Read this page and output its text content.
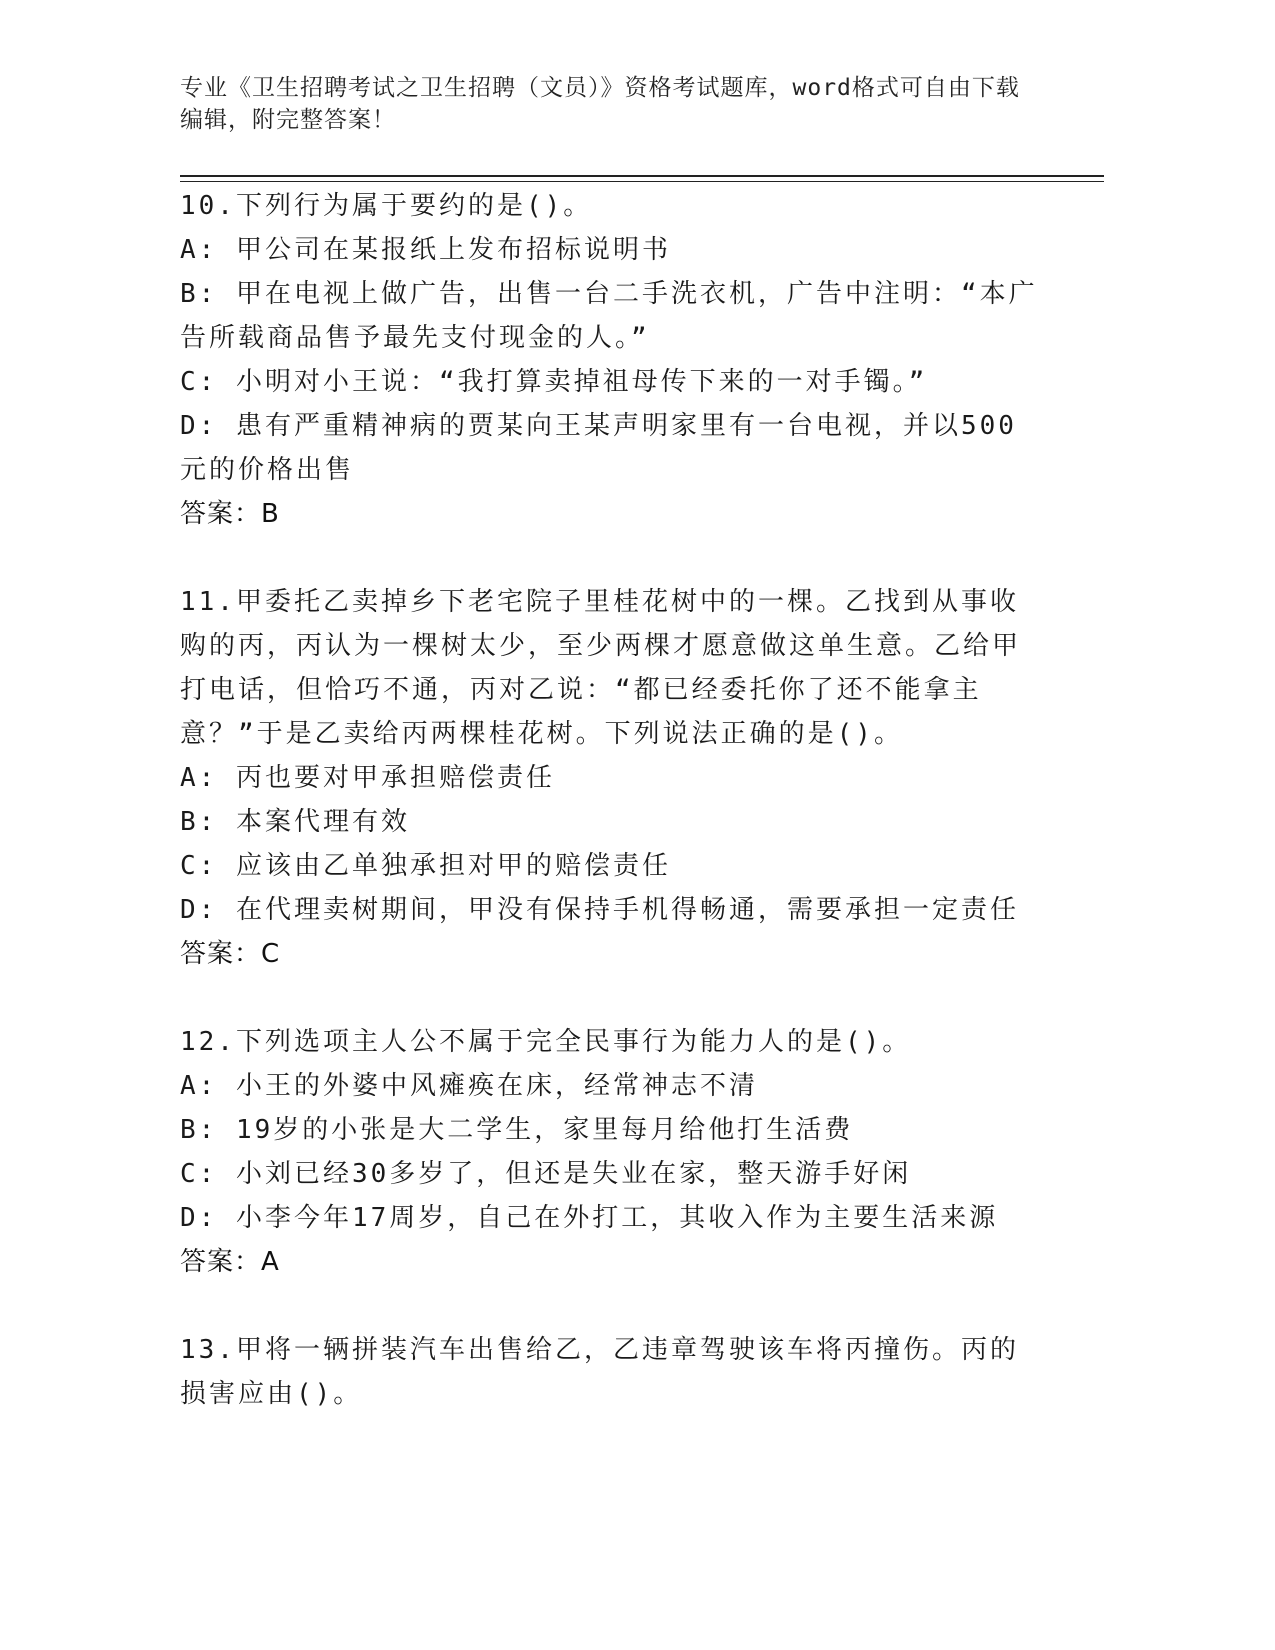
专业《卫生招聘考试之卫生招聘（文员）》资格考试题库，word格式可自由下载
编辑，附完整答案！

10.下列行为属于要约的是()。

A: 甲公司在某报纸上发布招标说明书

B: 甲在电视上做广告，出售一台二手洗衣机，广告中注明：“本广告所载商品售予最先支付现金的人。”

C: 小明对小王说：“我打算卖掉祖母传下来的一对手镯。”

D: 患有严重精神病的贾某向王某声明家里有一台电视，并以500元的价格出售

答案：B

11.甲委托乙卖掉乡下老宅院子里桂花树中的一棵。乙找到从事收购的丙，丙认为一棵树太少，至少两棵才愿意做这单生意。乙给甲打电话，但恰巧不通，丙对乙说：“都已经委托你了还不能拿主意？”于是乙卖给丙两棵桂花树。下列说法正确的是()。

A: 丙也要对甲承担赔偿责任

B: 本案代理有效

C: 应该由乙单独承担对甲的赔偿责任

D: 在代理卖树期间，甲没有保持手机得畅通，需要承担一定责任

答案：C

12.下列选项主人公不属于完全民事行为能力人的是()。

A: 小王的外婆中风瘫痪在床，经常神志不清

B: 19岁的小张是大二学生，家里每月给他打生活费

C: 小刘已经30多岁了，但还是失业在家，整天游手好闲

D: 小李今年17周岁，自己在外打工，其收入作为主要生活来源

答案：A

13.甲将一辆拼装汽车出售给乙，乙违章驾驶该车将丙撞伤。丙的损害应由()。
